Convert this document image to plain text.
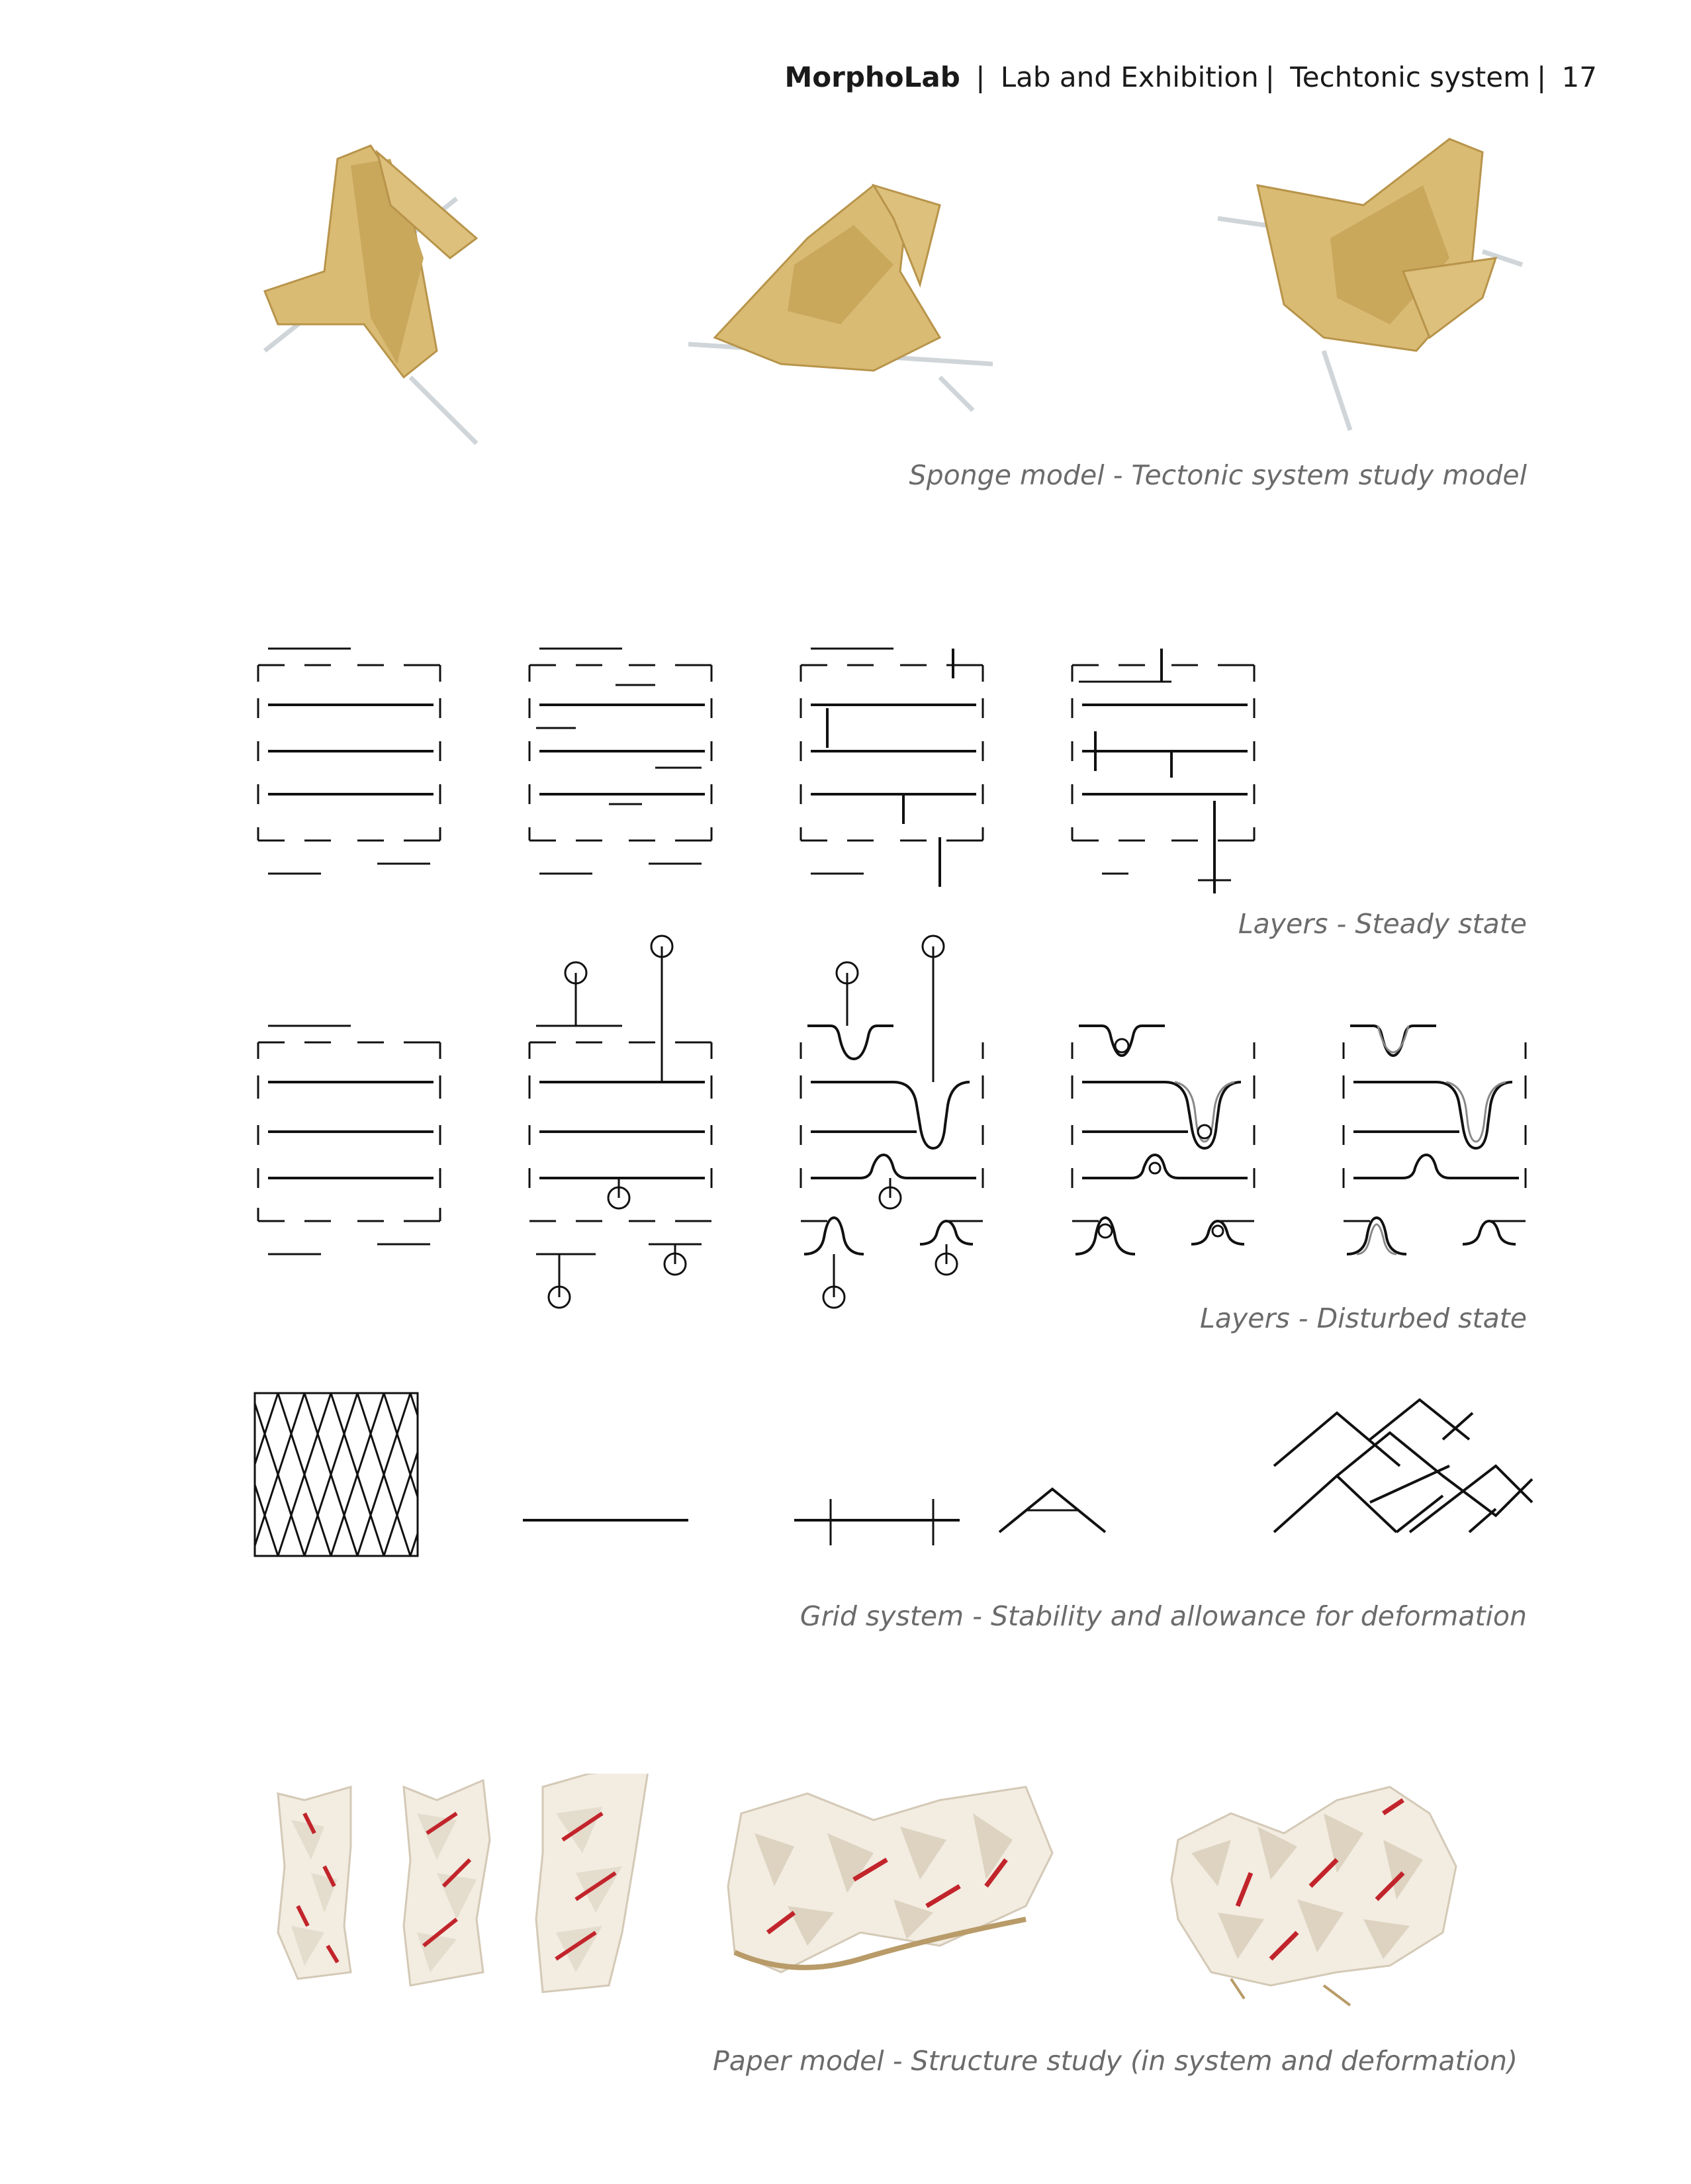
MorphoLab | Lab and Exhibition | Techtonic system | 17
Sponge model - Tectonic system study model
Layers - Steady state
Layers - Disturbed state
Grid system - Stability and allowance for deformation
Paper model - Structure study (in system and deformation)
